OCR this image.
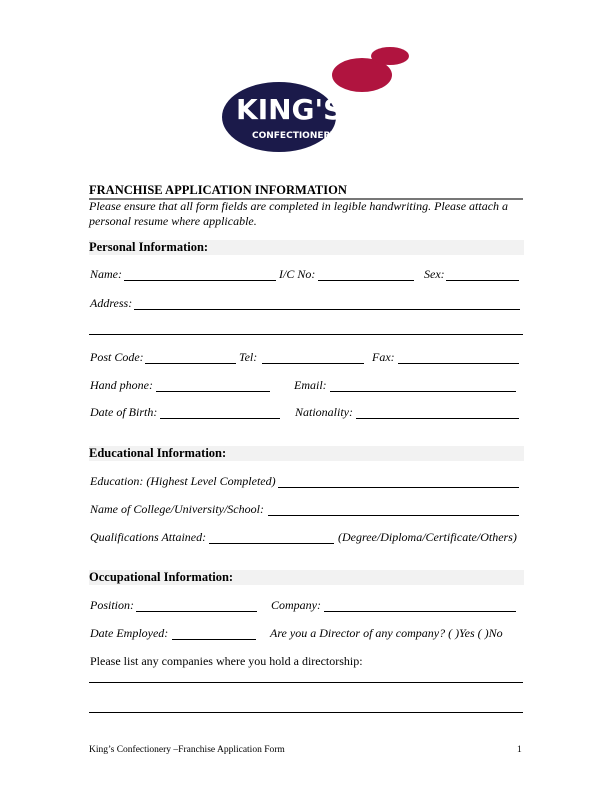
KING'S
CONFECTIONERY
FRANCHISE APPLICATION INFORMATION
Please ensure that all form fields are completed in legible handwriting. Please attach a personal resume where applicable.
Personal Information:
Name:	I/C No:	Sex:
Address:
Post Code:	Tel:	Fax:
Hand phone:	Email:
Date of Birth:	Nationality:
Educational Information:
Education: (Highest Level Completed)
Name of College/University/School:
Qualifications Attained:	(Degree/Diploma/Certificate/Others)
Occupational Information:
Position:	Company:
Date Employed:	Are you a Director of any company? ( )Yes ( )No
Please list any companies where you hold a directorship:
King’s Confectionery –Franchise Application Form	1
